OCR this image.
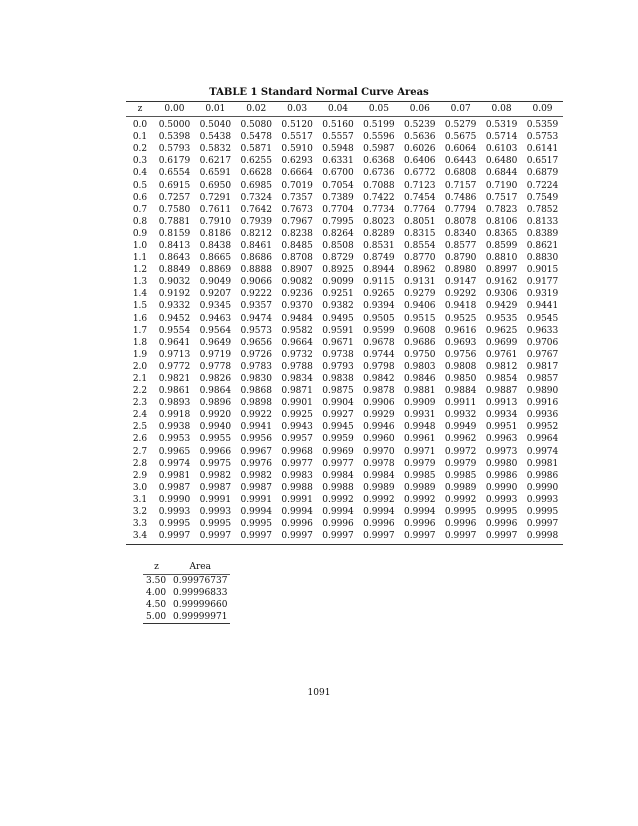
TABLE 1 Standard Normal Curve Areas
z	0.00	0.01	0.02	0.03	0.04	0.05	0.06	0.07	0.08	0.09
0.0	0.5000	0.5040	0.5080	0.5120	0.5160	0.5199	0.5239	0.5279	0.5319	0.5359
0.1	0.5398	0.5438	0.5478	0.5517	0.5557	0.5596	0.5636	0.5675	0.5714	0.5753
0.2	0.5793	0.5832	0.5871	0.5910	0.5948	0.5987	0.6026	0.6064	0.6103	0.6141
0.3	0.6179	0.6217	0.6255	0.6293	0.6331	0.6368	0.6406	0.6443	0.6480	0.6517
0.4	0.6554	0.6591	0.6628	0.6664	0.6700	0.6736	0.6772	0.6808	0.6844	0.6879
0.5	0.6915	0.6950	0.6985	0.7019	0.7054	0.7088	0.7123	0.7157	0.7190	0.7224
0.6	0.7257	0.7291	0.7324	0.7357	0.7389	0.7422	0.7454	0.7486	0.7517	0.7549
0.7	0.7580	0.7611	0.7642	0.7673	0.7704	0.7734	0.7764	0.7794	0.7823	0.7852
0.8	0.7881	0.7910	0.7939	0.7967	0.7995	0.8023	0.8051	0.8078	0.8106	0.8133
0.9	0.8159	0.8186	0.8212	0.8238	0.8264	0.8289	0.8315	0.8340	0.8365	0.8389
1.0	0.8413	0.8438	0.8461	0.8485	0.8508	0.8531	0.8554	0.8577	0.8599	0.8621
1.1	0.8643	0.8665	0.8686	0.8708	0.8729	0.8749	0.8770	0.8790	0.8810	0.8830
1.2	0.8849	0.8869	0.8888	0.8907	0.8925	0.8944	0.8962	0.8980	0.8997	0.9015
1.3	0.9032	0.9049	0.9066	0.9082	0.9099	0.9115	0.9131	0.9147	0.9162	0.9177
1.4	0.9192	0.9207	0.9222	0.9236	0.9251	0.9265	0.9279	0.9292	0.9306	0.9319
1.5	0.9332	0.9345	0.9357	0.9370	0.9382	0.9394	0.9406	0.9418	0.9429	0.9441
1.6	0.9452	0.9463	0.9474	0.9484	0.9495	0.9505	0.9515	0.9525	0.9535	0.9545
1.7	0.9554	0.9564	0.9573	0.9582	0.9591	0.9599	0.9608	0.9616	0.9625	0.9633
1.8	0.9641	0.9649	0.9656	0.9664	0.9671	0.9678	0.9686	0.9693	0.9699	0.9706
1.9	0.9713	0.9719	0.9726	0.9732	0.9738	0.9744	0.9750	0.9756	0.9761	0.9767
2.0	0.9772	0.9778	0.9783	0.9788	0.9793	0.9798	0.9803	0.9808	0.9812	0.9817
2.1	0.9821	0.9826	0.9830	0.9834	0.9838	0.9842	0.9846	0.9850	0.9854	0.9857
2.2	0.9861	0.9864	0.9868	0.9871	0.9875	0.9878	0.9881	0.9884	0.9887	0.9890
2.3	0.9893	0.9896	0.9898	0.9901	0.9904	0.9906	0.9909	0.9911	0.9913	0.9916
2.4	0.9918	0.9920	0.9922	0.9925	0.9927	0.9929	0.9931	0.9932	0.9934	0.9936
2.5	0.9938	0.9940	0.9941	0.9943	0.9945	0.9946	0.9948	0.9949	0.9951	0.9952
2.6	0.9953	0.9955	0.9956	0.9957	0.9959	0.9960	0.9961	0.9962	0.9963	0.9964
2.7	0.9965	0.9966	0.9967	0.9968	0.9969	0.9970	0.9971	0.9972	0.9973	0.9974
2.8	0.9974	0.9975	0.9976	0.9977	0.9977	0.9978	0.9979	0.9979	0.9980	0.9981
2.9	0.9981	0.9982	0.9982	0.9983	0.9984	0.9984	0.9985	0.9985	0.9986	0.9986
3.0	0.9987	0.9987	0.9987	0.9988	0.9988	0.9989	0.9989	0.9989	0.9990	0.9990
3.1	0.9990	0.9991	0.9991	0.9991	0.9992	0.9992	0.9992	0.9992	0.9993	0.9993
3.2	0.9993	0.9993	0.9994	0.9994	0.9994	0.9994	0.9994	0.9995	0.9995	0.9995
3.3	0.9995	0.9995	0.9995	0.9996	0.9996	0.9996	0.9996	0.9996	0.9996	0.9997
3.4	0.9997	0.9997	0.9997	0.9997	0.9997	0.9997	0.9997	0.9997	0.9997	0.9998
z	Area
3.50	0.99976737
4.00	0.99996833
4.50	0.99999660
5.00	0.99999971
1091
